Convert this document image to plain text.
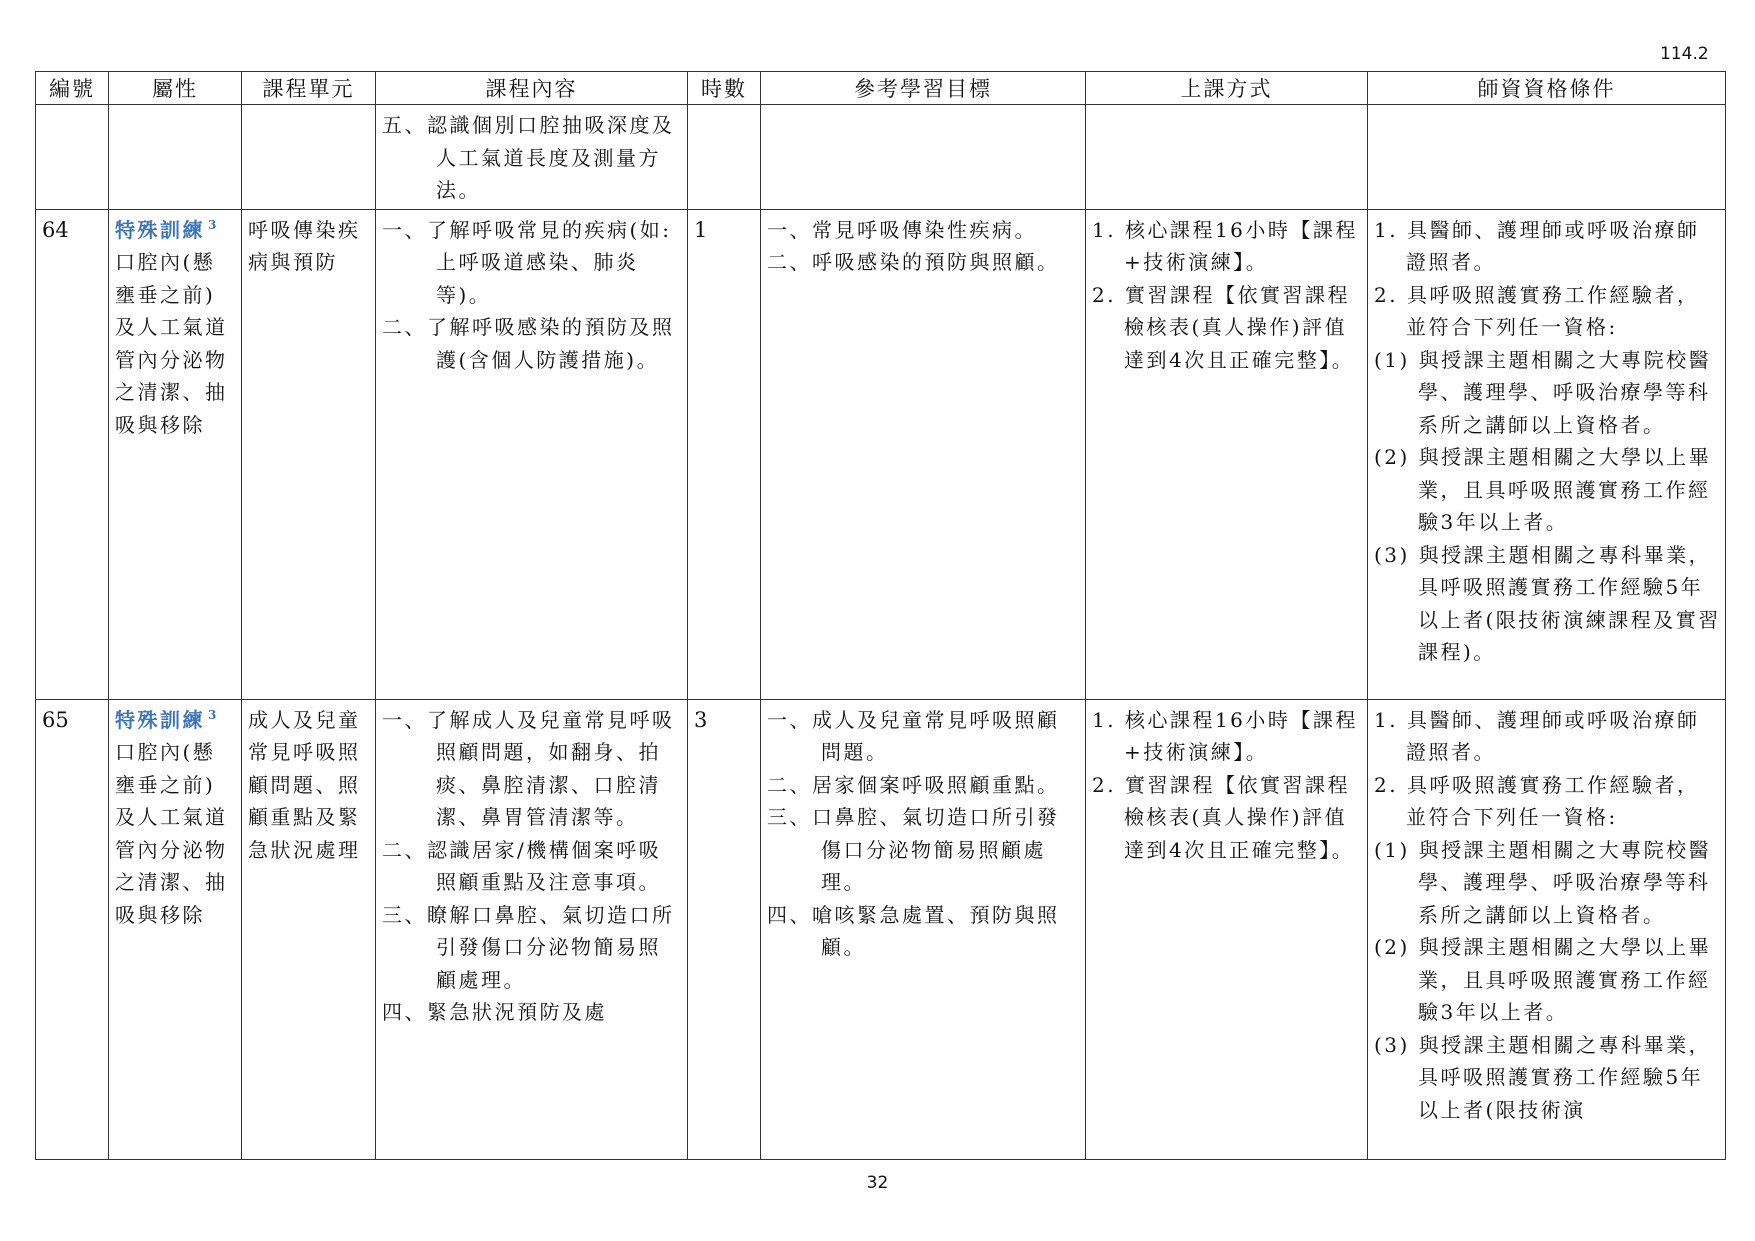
114.2
編號	屬性	課程單元	課程內容	時數	參考學習目標	上課方式	師資資格條件

			五、認識個別口腔抽吸深度及人工氣道長度及測量方法。				

64	特殊訓練 $^3$口腔內(懸壅垂之前)及人工氣道管內分泌物之清潔、抽吸與移除	呼吸傳染疾病與預防	一、了解呼吸常見的疾病(如:上呼吸道感染、肺炎等)。
二、了解呼吸感染的預防及照護(含個人防護措施)。	1	一、常見呼吸傳染性疾病。
二、呼吸感染的預防與照顧。	1. 核心課程16小時【課程+技術演練】。
2. 實習課程【依實習課程檢核表(真人操作)評值達到4次且正確完整】。	1. 具醫師、護理師或呼吸治療師證照者。
2. 具呼吸照護實務工作經驗者，並符合下列任一資格:
(1) 與授課主題相關之大專院校醫學、護理學、呼吸治療學等科系所之講師以上資格者。
(2) 與授課主題相關之大學以上畢業，且具呼吸照護實務工作經驗3年以上者。
(3) 與授課主題相關之專科畢業，具呼吸照護實務工作經驗5年以上者(限技術演練課程及實習課程)。

65	特殊訓練 $^3$口腔內(懸壅垂之前)及人工氣道管內分泌物之清潔、抽吸與移除	成人及兒童常見呼吸照顧問題、照顧重點及緊急狀況處理	一、了解成人及兒童常見呼吸照顧問題，如翻身、拍痰、鼻腔清潔、口腔清潔、鼻胃管清潔等。
二、認識居家/機構個案呼吸照顧重點及注意事項。
三、瞭解口鼻腔、氣切造口所引發傷口分泌物簡易照顧處理。
四、緊急狀況預防及處	3	一、成人及兒童常見呼吸照顧問題。
二、居家個案呼吸照顧重點。
三、口鼻腔、氣切造口所引發傷口分泌物簡易照顧處理。
四、嗆咳緊急處置、預防與照顧。	1. 核心課程16小時【課程+技術演練】。
2. 實習課程【依實習課程檢核表(真人操作)評值達到4次且正確完整】。	1. 具醫師、護理師或呼吸治療師證照者。
2. 具呼吸照護實務工作經驗者，並符合下列任一資格:
(1) 與授課主題相關之大專院校醫學、護理學、呼吸治療學等科系所之講師以上資格者。
(2) 與授課主題相關之大學以上畢業，且具呼吸照護實務工作經驗3年以上者。
(3) 與授課主題相關之專科畢業，具呼吸照護實務工作經驗5年以上者(限技術演
32
